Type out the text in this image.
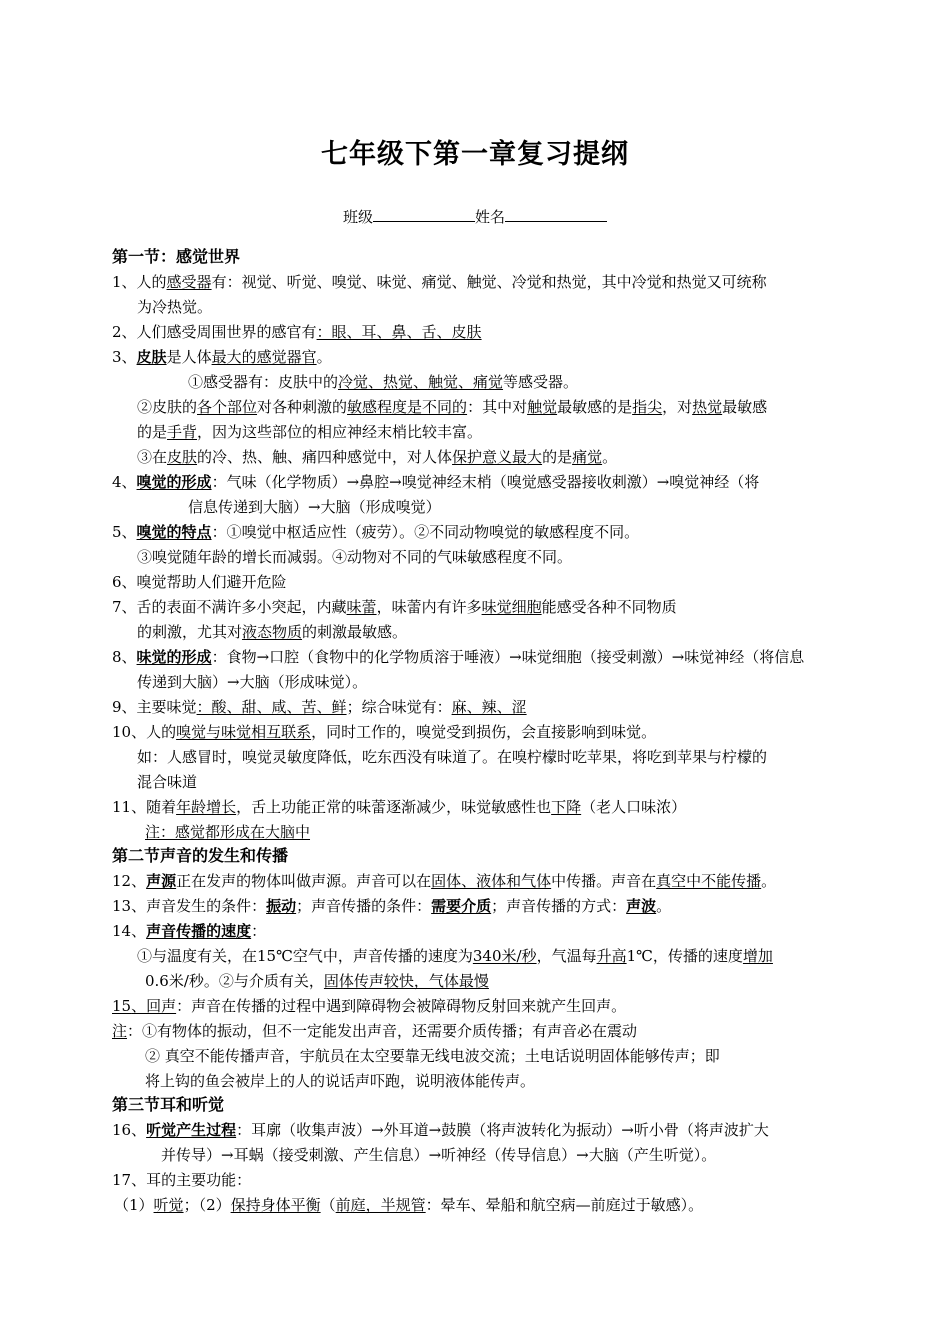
七年级下第一章复习提纲
班级	姓名
第一节：感觉世界
1、人的感受器有：视觉、听觉、嗅觉、味觉、痛觉、触觉、冷觉和热觉，其中冷觉和热觉又可统称
为冷热觉。
2、人们感受周围世界的感官有：眼、耳、鼻、舌、皮肤
3、皮肤是人体最大的感觉器官。
①感受器有：皮肤中的冷觉、热觉、触觉、痛觉等感受器。
②皮肤的各个部位对各种刺激的敏感程度是不同的：其中对触觉最敏感的是指尖，对热觉最敏感
的是手背，因为这些部位的相应神经末梢比较丰富。
③在皮肤的冷、热、触、痛四种感觉中，对人体保护意义最大的是痛觉。
4、嗅觉的形成：气味（化学物质）→鼻腔→嗅觉神经末梢（嗅觉感受器接收刺激）→嗅觉神经（将
信息传递到大脑）→大脑（形成嗅觉）
5、嗅觉的特点：①嗅觉中枢适应性（疲劳）。②不同动物嗅觉的敏感程度不同。
③嗅觉随年龄的增长而减弱。④动物对不同的气味敏感程度不同。
6、嗅觉帮助人们避开危险
7、舌的表面不满许多小突起，内藏味蕾，味蕾内有许多味觉细胞能感受各种不同物质
的刺激，尤其对液态物质的刺激最敏感。
8、味觉的形成：食物→口腔（食物中的化学物质溶于唾液）→味觉细胞（接受刺激）→味觉神经（将信息
传递到大脑）→大脑（形成味觉）。
9、主要味觉：酸、甜、咸、苦、鲜；综合味觉有：麻、辣、涩
10、人的嗅觉与味觉相互联系，同时工作的，嗅觉受到损伤，会直接影响到味觉。
如：人感冒时，嗅觉灵敏度降低，吃东西没有味道了。在嗅柠檬时吃苹果，将吃到苹果与柠檬的
混合味道
11、随着年龄增长，舌上功能正常的味蕾逐渐减少，味觉敏感性也下降（老人口味浓）
注：感觉都形成在大脑中
第二节声音的发生和传播
12、声源正在发声的物体叫做声源。声音可以在固体、液体和气体中传播。声音在真空中不能传播。
13、声音发生的条件：振动；声音传播的条件：需要介质；声音传播的方式：声波。
14、声音传播的速度：
①与温度有关，在15℃空气中，声音传播的速度为340米/秒，气温每升高1℃，传播的速度增加
0.6米/秒。②与介质有关，固体传声较快，气体最慢
15、回声：声音在传播的过程中遇到障碍物会被障碍物反射回来就产生回声。
注：①有物体的振动，但不一定能发出声音，还需要介质传播；有声音必在震动
② 真空不能传播声音，宇航员在太空要靠无线电波交流；土电话说明固体能够传声；即
将上钩的鱼会被岸上的人的说话声吓跑，说明液体能传声。
第三节耳和听觉
16、听觉产生过程：耳廓（收集声波）→外耳道→鼓膜（将声波转化为振动）→听小骨（将声波扩大
并传导）→耳蜗（接受刺激、产生信息）→听神经（传导信息）→大脑（产生听觉）。
17、耳的主要功能：
（1）听觉；（2）保持身体平衡（前庭，半规管：晕车、晕船和航空病—前庭过于敏感）。
